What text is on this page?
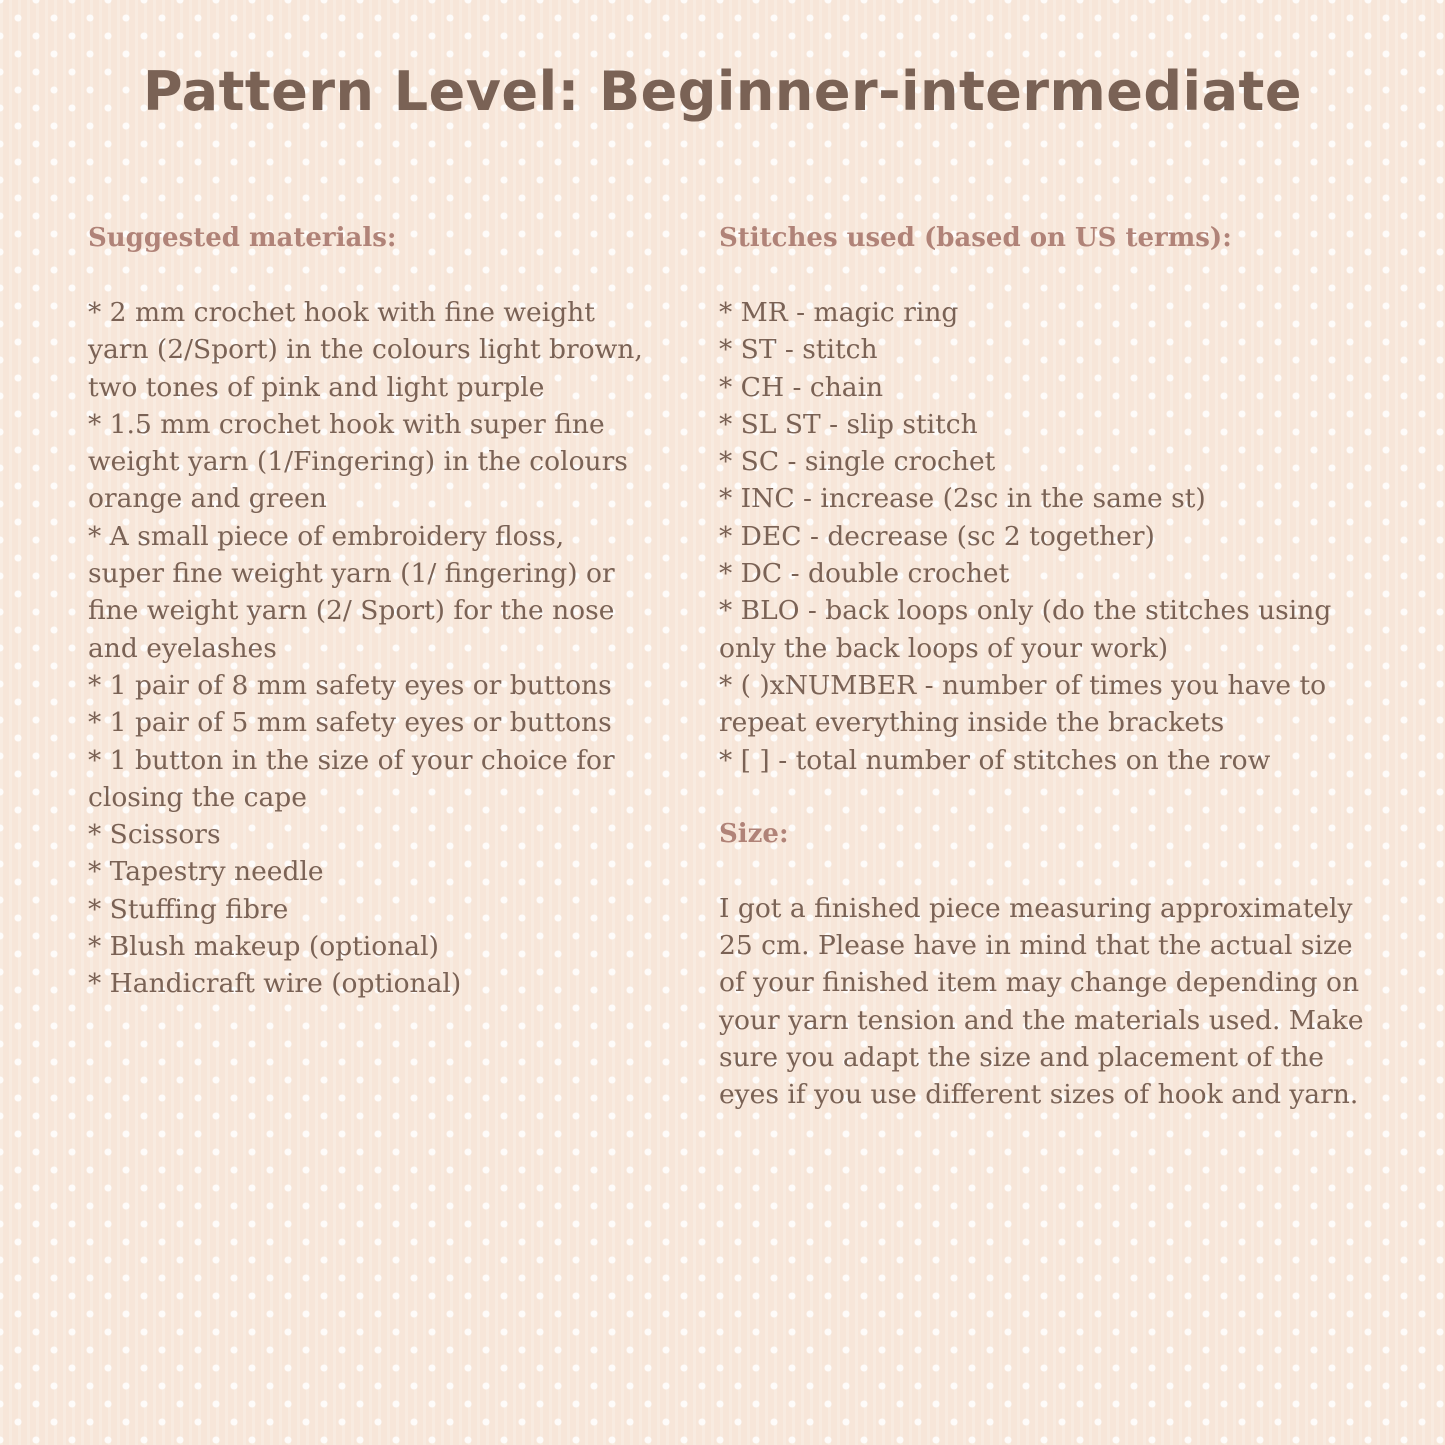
Pattern Level: Beginner-intermediate
Suggested materials:
* 2 mm crochet hook with fine weight yarn (2/Sport) in the colours light brown, two tones of pink and light purple
* 1.5 mm crochet hook with super fine weight yarn (1/Fingering) in the colours orange and green
* A small piece of embroidery floss, super fine weight yarn (1/ fingering) or fine weight yarn (2/ Sport) for the nose and eyelashes
* 1 pair of 8 mm safety eyes or buttons
* 1 pair of 5 mm safety eyes or buttons
* 1 button in the size of your choice for closing the cape
* Scissors
* Tapestry needle
* Stuffing fibre
* Blush makeup (optional)
* Handicraft wire (optional)
Stitches used (based on US terms):
* MR - magic ring
* ST - stitch
* CH - chain
* SL ST - slip stitch
* SC - single crochet
* INC - increase (2sc in the same st)
* DEC - decrease (sc 2 together)
* DC - double crochet
* BLO - back loops only (do the stitches using only the back loops of your work)
* ( )xNUMBER - number of times you have to repeat everything inside the brackets
* [ ] - total number of stitches on the row
Size:

I got a finished piece measuring approximately 25 cm. Please have in mind that the actual size of your finished item may change depending on your yarn tension and the materials used. Make sure you adapt the size and placement of the eyes if you use different sizes of hook and yarn.
